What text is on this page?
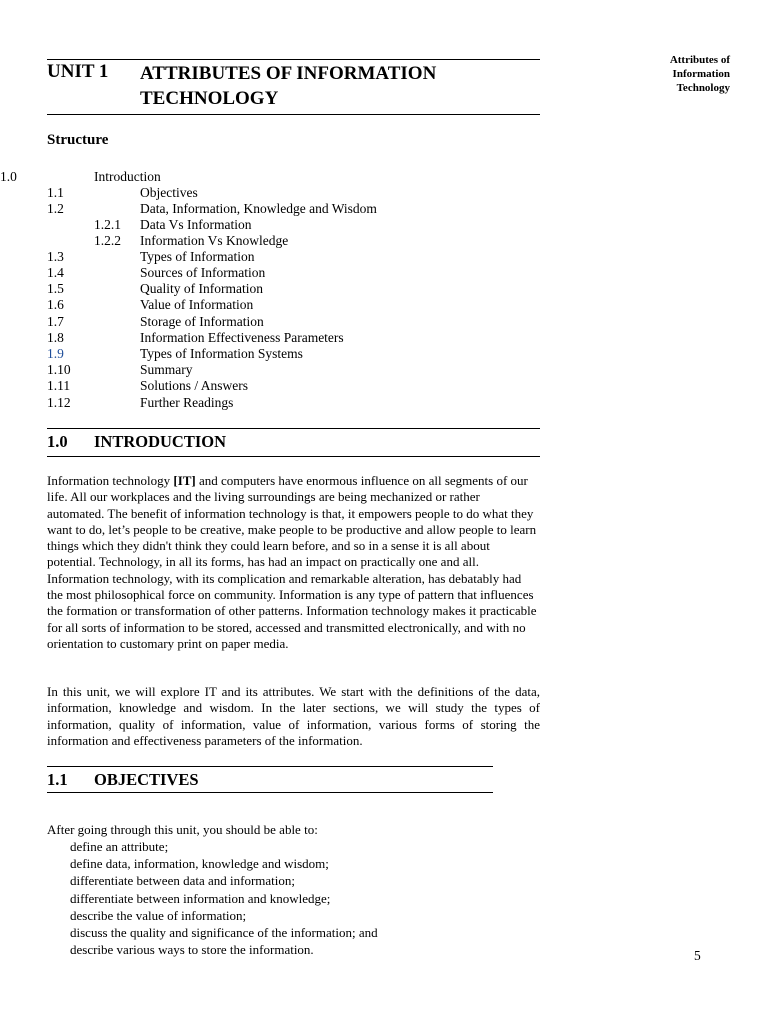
Attributes of
Information
Technology
UNIT 1 ATTRIBUTES OF INFORMATION TECHNOLOGY
Structure
1.0	Introduction
1.1	Objectives
1.2	Data, Information, Knowledge and Wisdom
1.2.1 Data Vs Information
1.2.2 Information Vs Knowledge
1.3	Types of Information
1.4	Sources of Information
1.5	Quality of Information
1.6	Value of Information
1.7	Storage of Information
1.8	Information Effectiveness Parameters
1.9	Types of Information Systems
1.10	Summary
1.11	Solutions / Answers
1.12	Further Readings
1.0 INTRODUCTION
Information technology [IT] and computers have enormous influence on all segments of our life. All our workplaces and the living surroundings are being mechanized or rather automated. The benefit of information technology is that, it empowers people to do what they want to do, let’s people to be creative, make people to be productive and allow people to learn things which they didn't think they could learn before, and so in a sense it is all about potential. Technology, in all its forms, has had an impact on practically one and all. Information technology, with its complication and remarkable alteration, has debatably had the most philosophical force on community. Information is any type of pattern that influences the formation or transformation of other patterns. Information technology makes it practicable for all sorts of information to be stored, accessed and transmitted electronically, and with no orientation to customary print on paper media.
In this unit, we will explore IT and its attributes. We start with the definitions of the data, information, knowledge and wisdom. In the later sections, we will study the types of information, quality of information, value of information, various forms of storing the information and effectiveness parameters of the information.
1.1 OBJECTIVES
After going through this unit, you should be able to:
define an attribute;
define data, information, knowledge and wisdom;
differentiate between data and information;
differentiate between information and knowledge;
describe the value of information;
discuss the quality and significance of the information; and
describe various ways to store the information.	5
